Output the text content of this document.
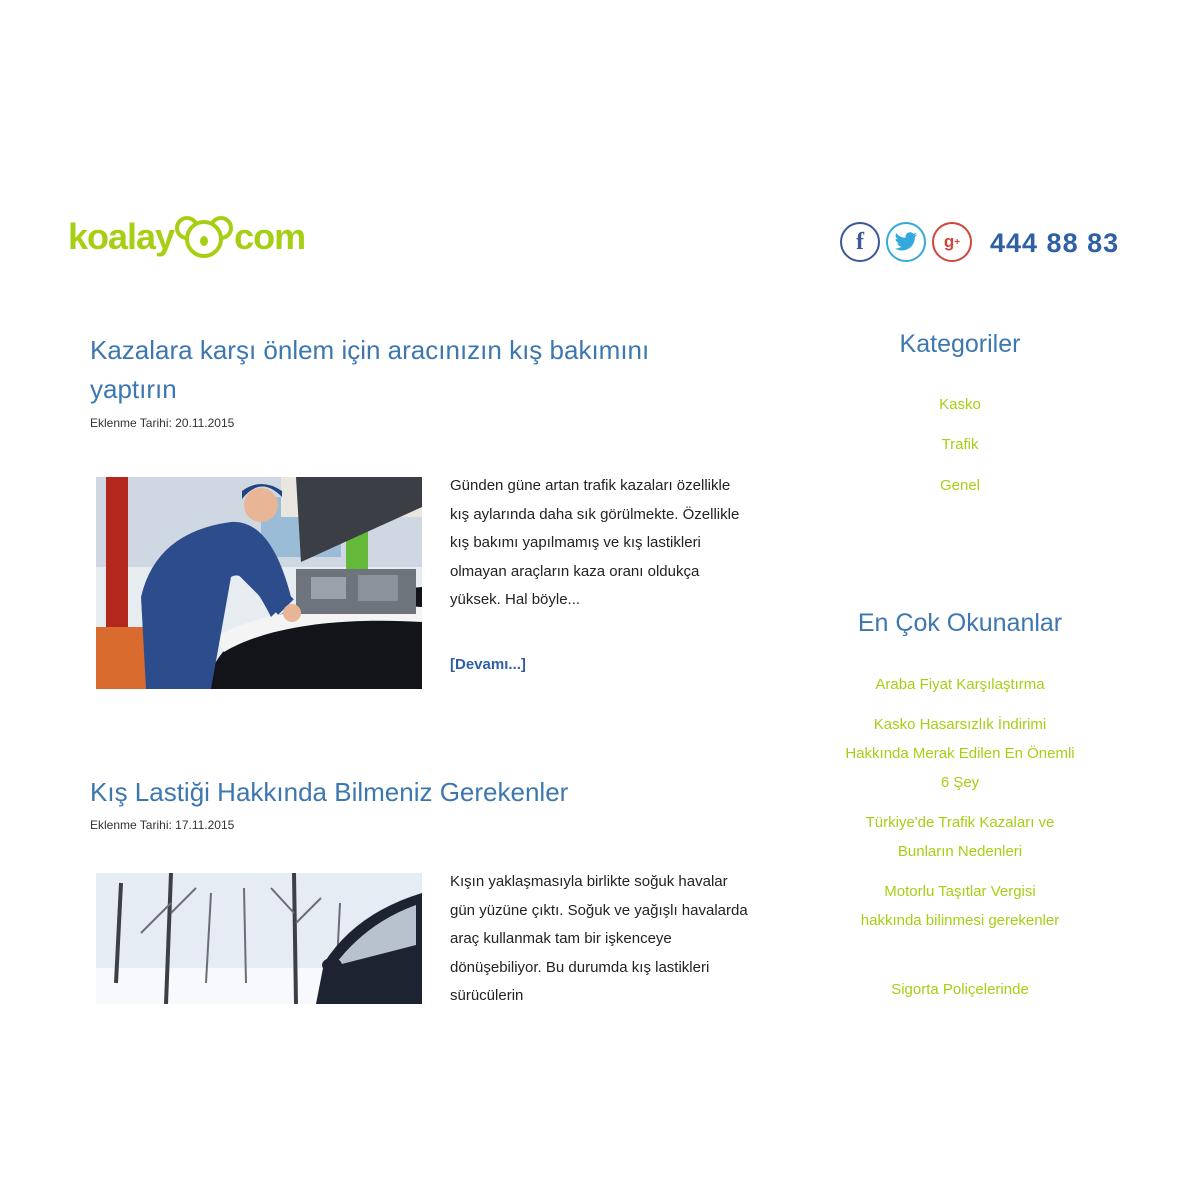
koalay com	f	g + 444 88 83
Kazalara karşı önlem için aracınızın kış bakımını yaptırın
Eklenme Tarihi: 20.11.2015
Günden güne artan trafik kazaları özellikle kış aylarında daha sık görülmekte. Özellikle kış bakımı yapılmamış ve kış lastikleri olmayan araçların kaza oranı oldukça yüksek. Hal böyle...
[Devamı...]
Kış Lastiği Hakkında Bilmeniz Gerekenler
Eklenme Tarihi: 17.11.2015
Kışın yaklaşmasıyla birlikte soğuk havalar gün yüzüne çıktı. Soğuk ve yağışlı havalarda araç kullanmak tam bir işkenceye dönüşebiliyor. Bu durumda kış lastikleri sürücülerin
Kategoriler
Kasko
Trafik
Genel
En Çok Okunanlar
Araba Fiyat Karşılaştırma
Kasko Hasarsızlık İndirimi Hakkında Merak Edilen En Önemli 6 Şey
Türkiye'de Trafik Kazaları ve Bunların Nedenleri
Motorlu Taşıtlar Vergisi hakkında bilinmesi gerekenler
Sigorta Poliçelerinde
